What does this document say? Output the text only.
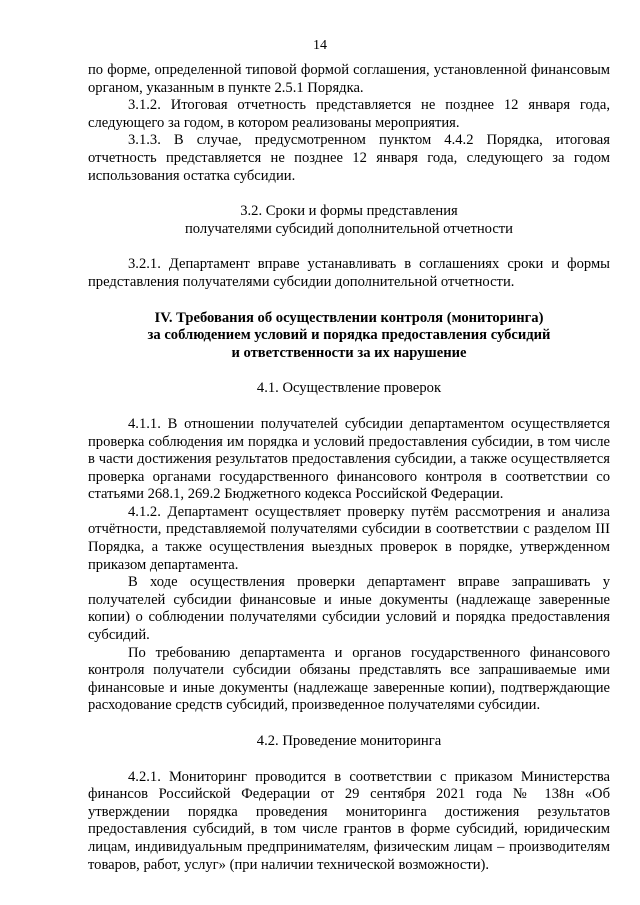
14

по форме, определенной типовой формой соглашения, установленной финансовым органом, указанным в пункте 2.5.1 Порядка.

3.1.2. Итоговая отчетность представляется не позднее 12 января года, следующего за годом, в котором реализованы мероприятия.

3.1.3. В случае, предусмотренном пунктом 4.4.2 Порядка, итоговая отчетность представляется не позднее 12 января года, следующего за годом использования остатка субсидии.

3.2. Сроки и формы представления

получателями субсидий дополнительной отчетности

3.2.1. Департамент вправе устанавливать в соглашениях сроки и формы представления получателями субсидии дополнительной отчетности.

IV. Требования об осуществлении контроля (мониторинга)

за соблюдением условий и порядка предоставления субсидий

и ответственности за их нарушение

4.1. Осуществление проверок

4.1.1. В отношении получателей субсидии департаментом осуществляется проверка соблюдения им порядка и условий предоставления субсидии, в том числе в части достижения результатов предоставления субсидии, а также осуществляется проверка органами государственного финансового контроля в соответствии со статьями 268.1, 269.2 Бюджетного кодекса Российской Федерации.

4.1.2. Департамент осуществляет проверку путём рассмотрения и анализа отчётности, представляемой получателями субсидии в соответствии с разделом III Порядка, а также осуществления выездных проверок в порядке, утвержденном приказом департамента.

В ходе осуществления проверки департамент вправе запрашивать у получателей субсидии финансовые и иные документы (надлежаще заверенные копии) о соблюдении получателями субсидии условий и порядка предоставления субсидий.

По требованию департамента и органов государственного финансового контроля получатели субсидии обязаны представлять все запрашиваемые ими финансовые и иные документы (надлежаще заверенные копии), подтверждающие расходование средств субсидий, произведенное получателями субсидии.

4.2. Проведение мониторинга

4.2.1. Мониторинг проводится в соответствии с приказом Министерства финансов Российской Федерации от 29 сентября 2021 года № 138н «Об утверждении порядка проведения мониторинга достижения результатов предоставления субсидий, в том числе грантов в форме субсидий, юридическим лицам, индивидуальным предпринимателям, физическим лицам – производителям товаров, работ, услуг» (при наличии технической возможности).
